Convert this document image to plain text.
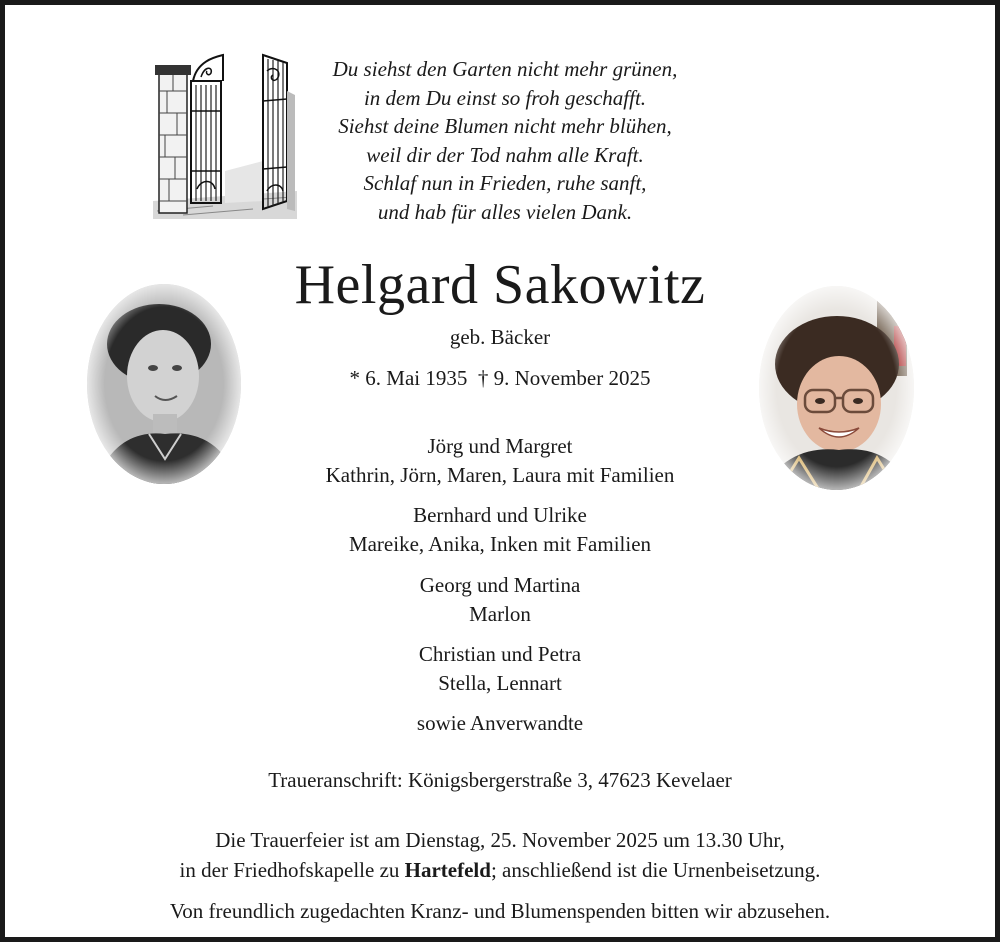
Du siehst den Garten nicht mehr grünen,
in dem Du einst so froh geschafft.
Siehst deine Blumen nicht mehr blühen,
weil dir der Tod nahm alle Kraft.
Schlaf nun in Frieden, ruhe sanft,
und hab für alles vielen Dank.
Helgard Sakowitz
geb. Bäcker
* 6. Mai 1935  † 9. November 2025
Jörg und Margret
Kathrin, Jörn, Maren, Laura mit Familien
Bernhard und Ulrike
Mareike, Anika, Inken mit Familien
Georg und Martina
Marlon
Christian und Petra
Stella, Lennart
sowie Anverwandte
Traueranschrift: Königsbergerstraße 3, 47623 Kevelaer
Die Trauerfeier ist am Dienstag, 25. November 2025 um 13.30 Uhr,
in der Friedhofskapelle zu Hartefeld; anschließend ist die Urnenbeisetzung.
Von freundlich zugedachten Kranz- und Blumenspenden bitten wir abzusehen.
